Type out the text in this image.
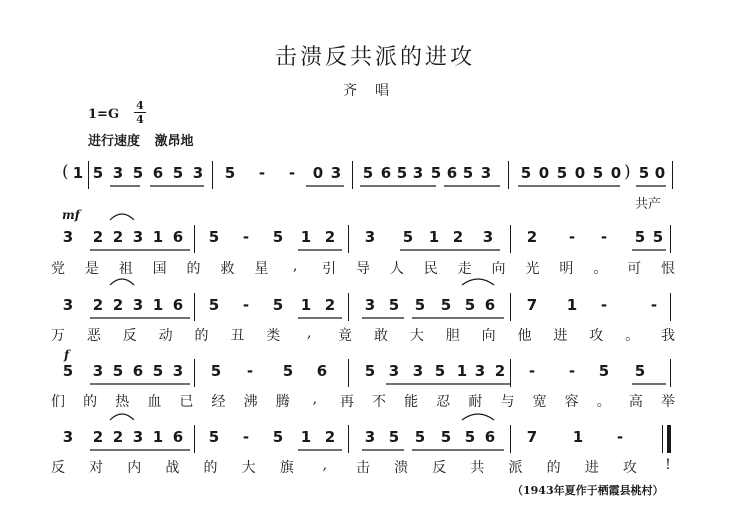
击溃反共派的进攻
齐唱
1=G
4
4
进行速度 激昂地
mf
f
共产
( 1 5 3 5 6 5 3 5 - - 0 3 5 6 5 3 5 6 5 3 5 0 5 0 5 0 ) 5 0
3 2 2 3 1 6 5 - 5 1 2 3 5 1 2 3 2 - - 5 5
3 2 2 3 1 6 5 - 5 1 2 3 5 5 5 5 6 7 1 -	-
5 3 5 6 5 3 5 - 5 6	5 3 3 5 1 3 2 - - 5 5
3 2 2 3 1 6 5 - 5 1 2 3 5 5 5 5 6 7 1 -
党 是 祖 国 的 救 星	,	引 导 人 民 走 向 光 明 。 可 恨
万 恶 反 动 的 丑 类	,	竟 敢 大 胆 向 他 进 攻 。 我
们 的 热 血 已 经 沸 腾	,	再 不 能 忍 耐 与 宽 容 。 高 举
反 对 内 战 的 大 旗	,	击 溃 反 共 派 的 进 攻	!
（1943年夏作于栖霞县桃村）
